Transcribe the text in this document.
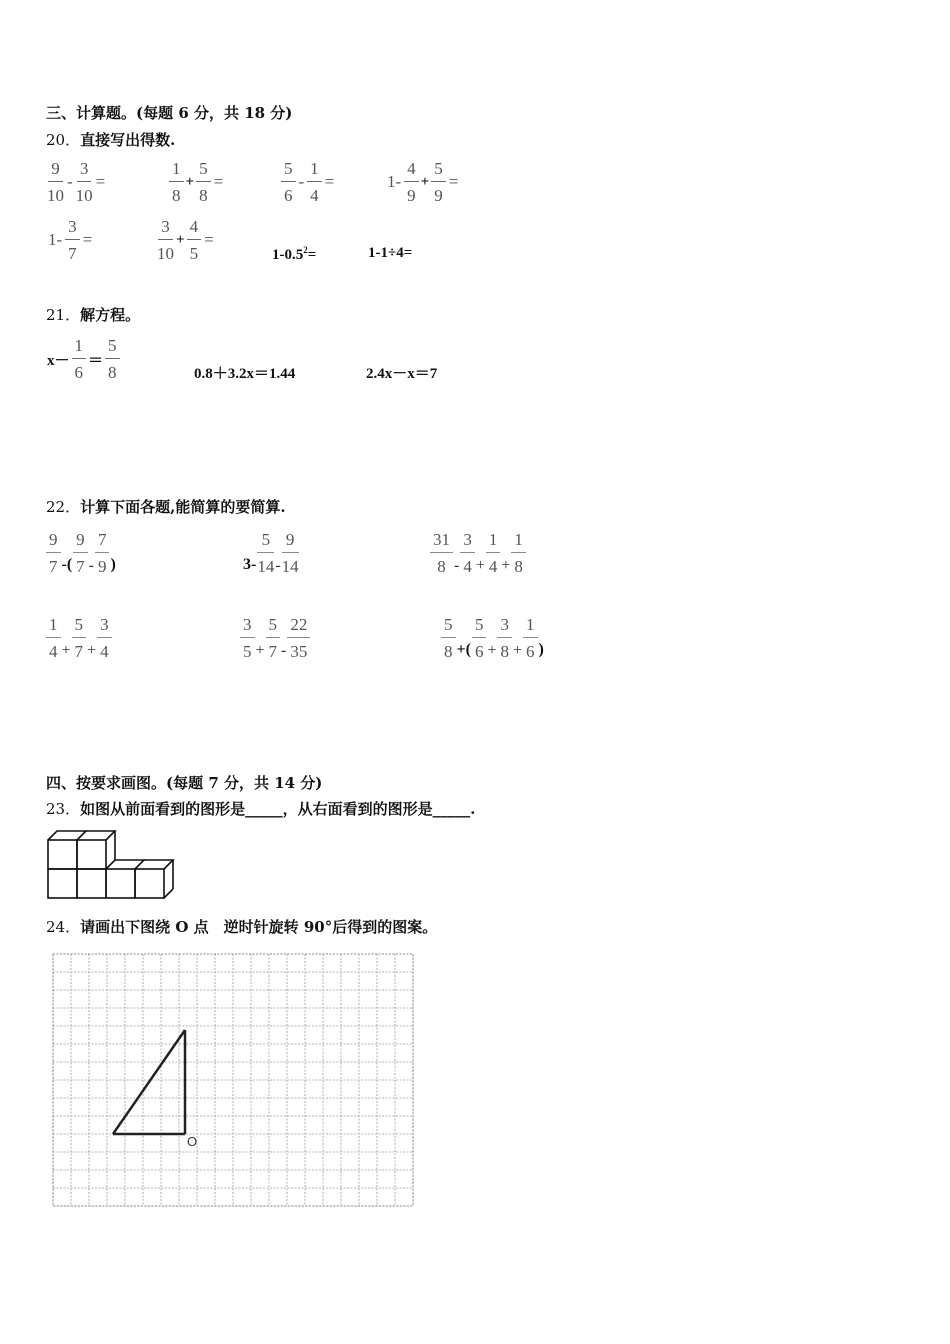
三、计算题。(每题 6 分，共 18 分)
20．直接写出得数.
$\frac{9}{10} - \frac{3}{10}$ =	$\frac{1}{8} + \frac{5}{8}$ =	$\frac{5}{6} - \frac{1}{4}$ =	$1- \frac{4}{9} + \frac{5}{9}$ =
$1- \frac{3}{7}$ =	$\frac{3}{10} + \frac{4}{5}$ =
$1-0.5^2=$	1-1÷4=
21．解方程。
$x- \frac{1}{6} = \frac{5}{8}$	0.8＋3.2x＝1.44	2.4x－x＝7
22．计算下面各题,能简算的要简算.
$\frac{9}{7}$ -( $\frac{9}{7} - \frac{7}{9}$ )	$3- \frac{5}{14} - \frac{9}{14}$	$\frac{31}{8} - \frac{3}{4} + \frac{1}{4} + \frac{1}{8}$
$\frac{1}{4} + \frac{5}{7} + \frac{3}{4}$	$\frac{3}{5} + \frac{5}{7} - \frac{22}{35}$	$\frac{5}{8}$ +( $\frac{5}{6} + \frac{3}{8} + \frac{1}{6}$ )
四、按要求画图。(每题 7 分，共 14 分)
23．如图从前面看到的图形是_____，从右面看到的图形是_____.
24．请画出下图绕 O 点　逆时针旋转 90°后得到的图案。
O
